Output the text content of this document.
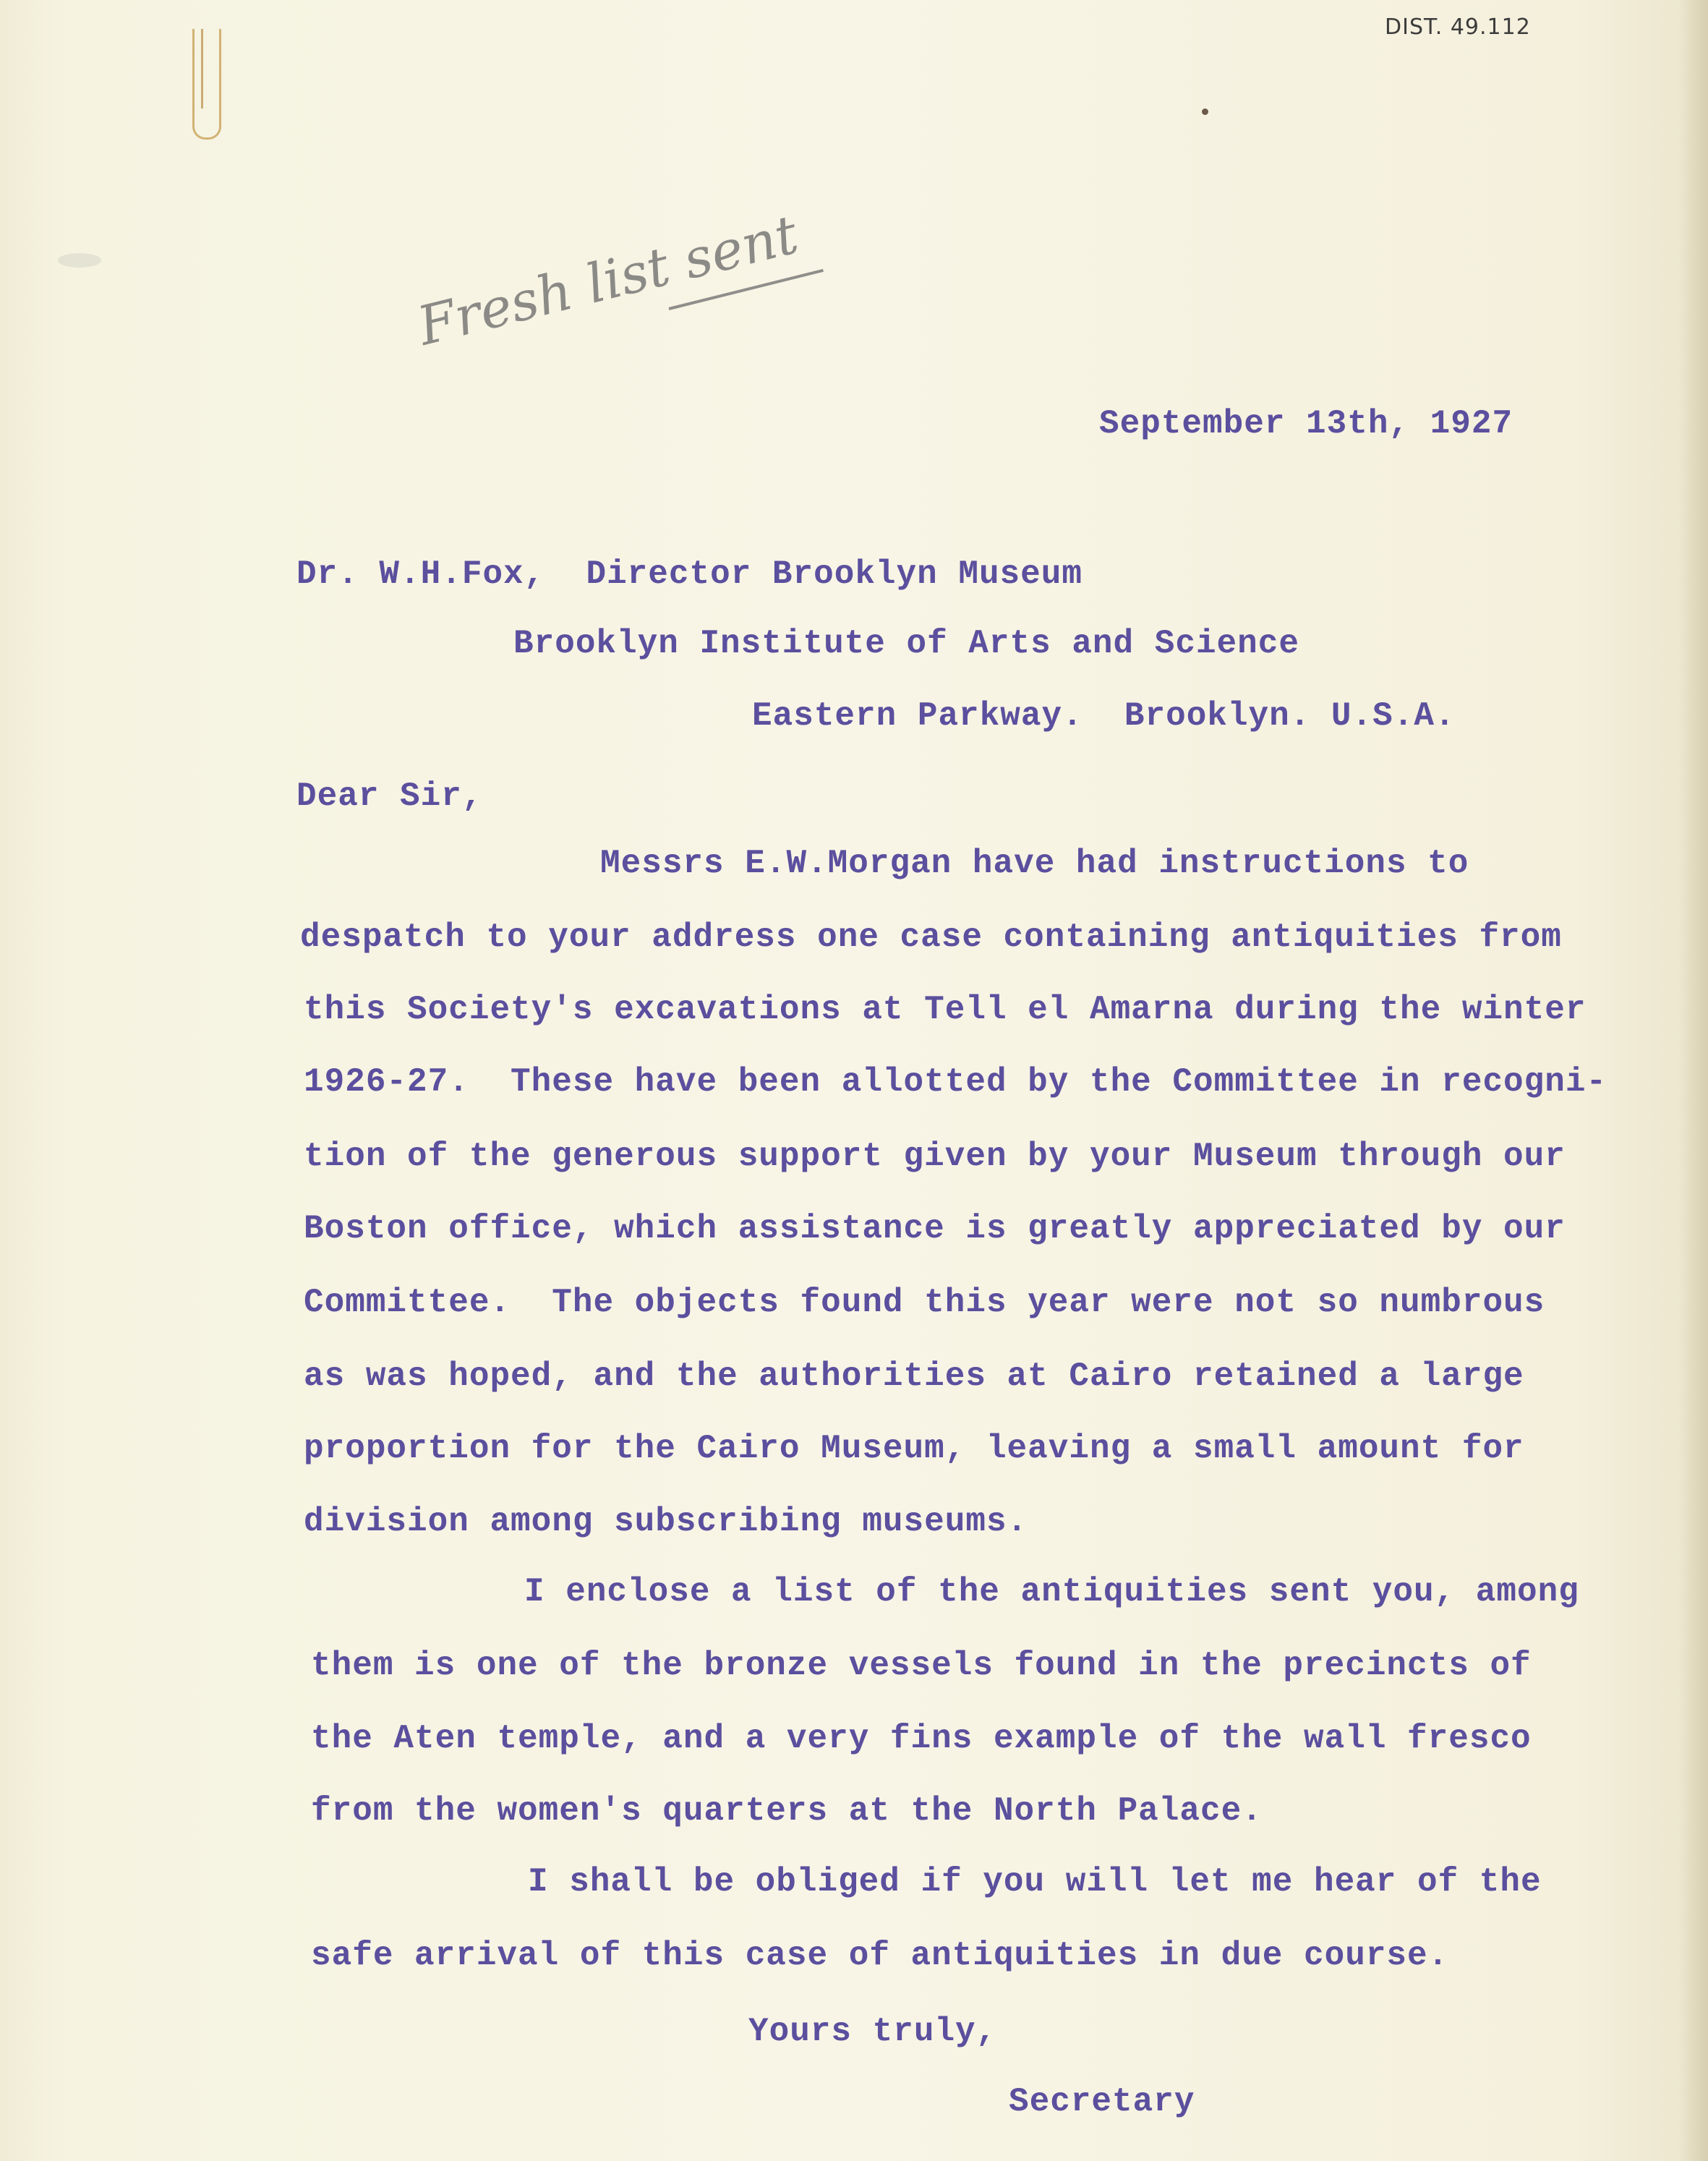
DIST. 49.112

Fresh list sent

September 13th, 1927

Dr. W.H.Fox,  Director Brooklyn Museum

Brooklyn Institute of Arts and Science

Eastern Parkway.  Brooklyn. U.S.A.

Dear Sir,

Messrs E.W.Morgan have had instructions to

despatch to your address one case containing antiquities from

this Society's excavations at Tell el Amarna during the winter

1926-27.  These have been allotted by the Committee in recogni-

tion of the generous support given by your Museum through our

Boston office, which assistance is greatly appreciated by our

Committee.  The objects found this year were not so numbrous

as was hoped, and the authorities at Cairo retained a large

proportion for the Cairo Museum, leaving a small amount for

division among subscribing museums.

I enclose a list of the antiquities sent you, among

them is one of the bronze vessels found in the precincts of

the Aten temple, and a very fins example of the wall fresco

from the women's quarters at the North Palace.

I shall be obliged if you will let me hear of the

safe arrival of this case of antiquities in due course.

Yours truly,

Secretary
